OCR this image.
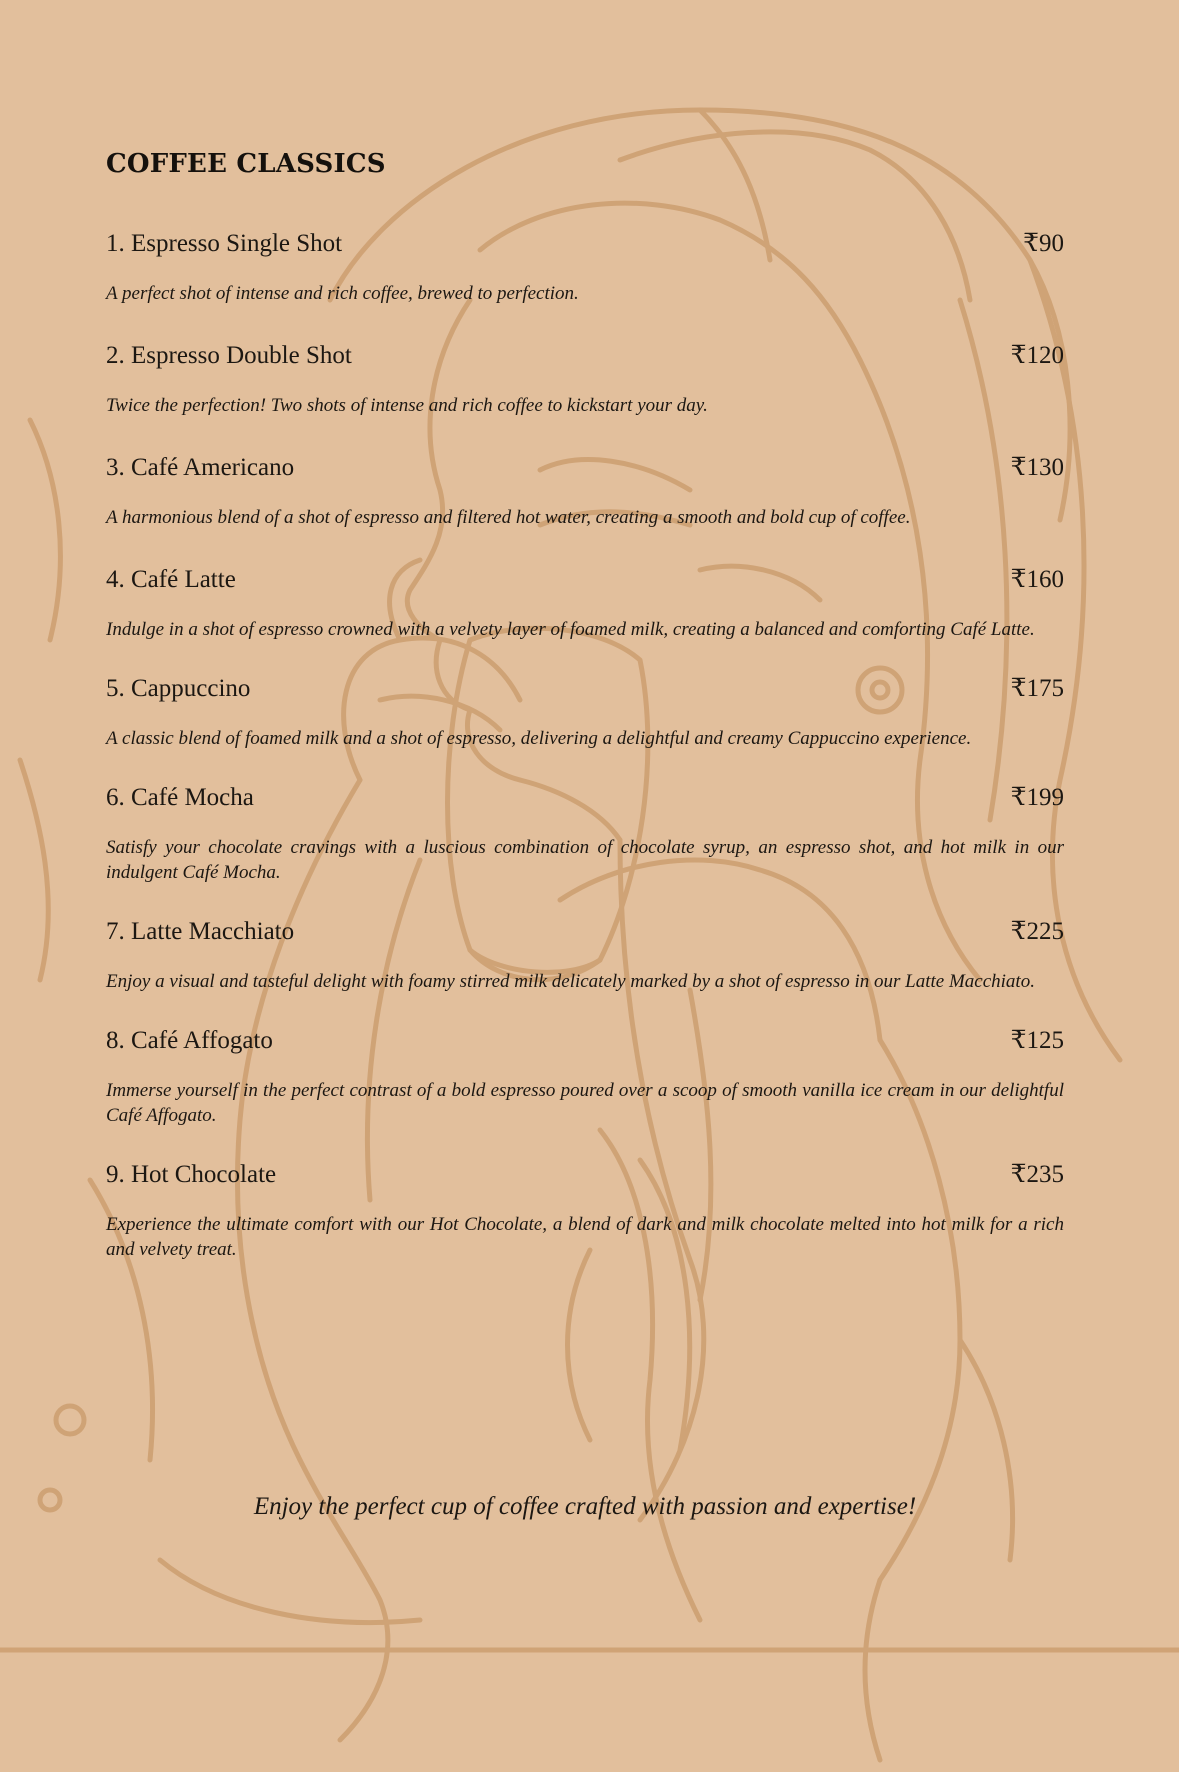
COFFEE CLASSICS
1. Espresso Single Shot	₹90

A perfect shot of intense and rich coffee, brewed to perfection.

2. Espresso Double Shot	₹120

Twice the perfection! Two shots of intense and rich coffee to kickstart your day.

3. Café Americano	₹130

A harmonious blend of a shot of espresso and filtered hot water, creating a smooth and bold cup of coffee.

4. Café Latte	₹160

Indulge in a shot of espresso crowned with a velvety layer of foamed milk, creating a balanced and comforting Café Latte.

5. Cappuccino	₹175

A classic blend of foamed milk and a shot of espresso, delivering a delightful and creamy Cappuccino experience.

6. Café Mocha	₹199

Satisfy your chocolate cravings with a luscious combination of chocolate syrup, an espresso shot, and hot milk in our indulgent Café Mocha.

7. Latte Macchiato	₹225

Enjoy a visual and tasteful delight with foamy stirred milk delicately marked by a shot of espresso in our Latte Macchiato.

8. Café Affogato	₹125

Immerse yourself in the perfect contrast of a bold espresso poured over a scoop of smooth vanilla ice cream in our delightful Café Affogato.

9. Hot Chocolate	₹235

Experience the ultimate comfort with our Hot Chocolate, a blend of dark and milk chocolate melted into hot milk for a rich and velvety treat.

Enjoy the perfect cup of coffee crafted with passion and expertise!
